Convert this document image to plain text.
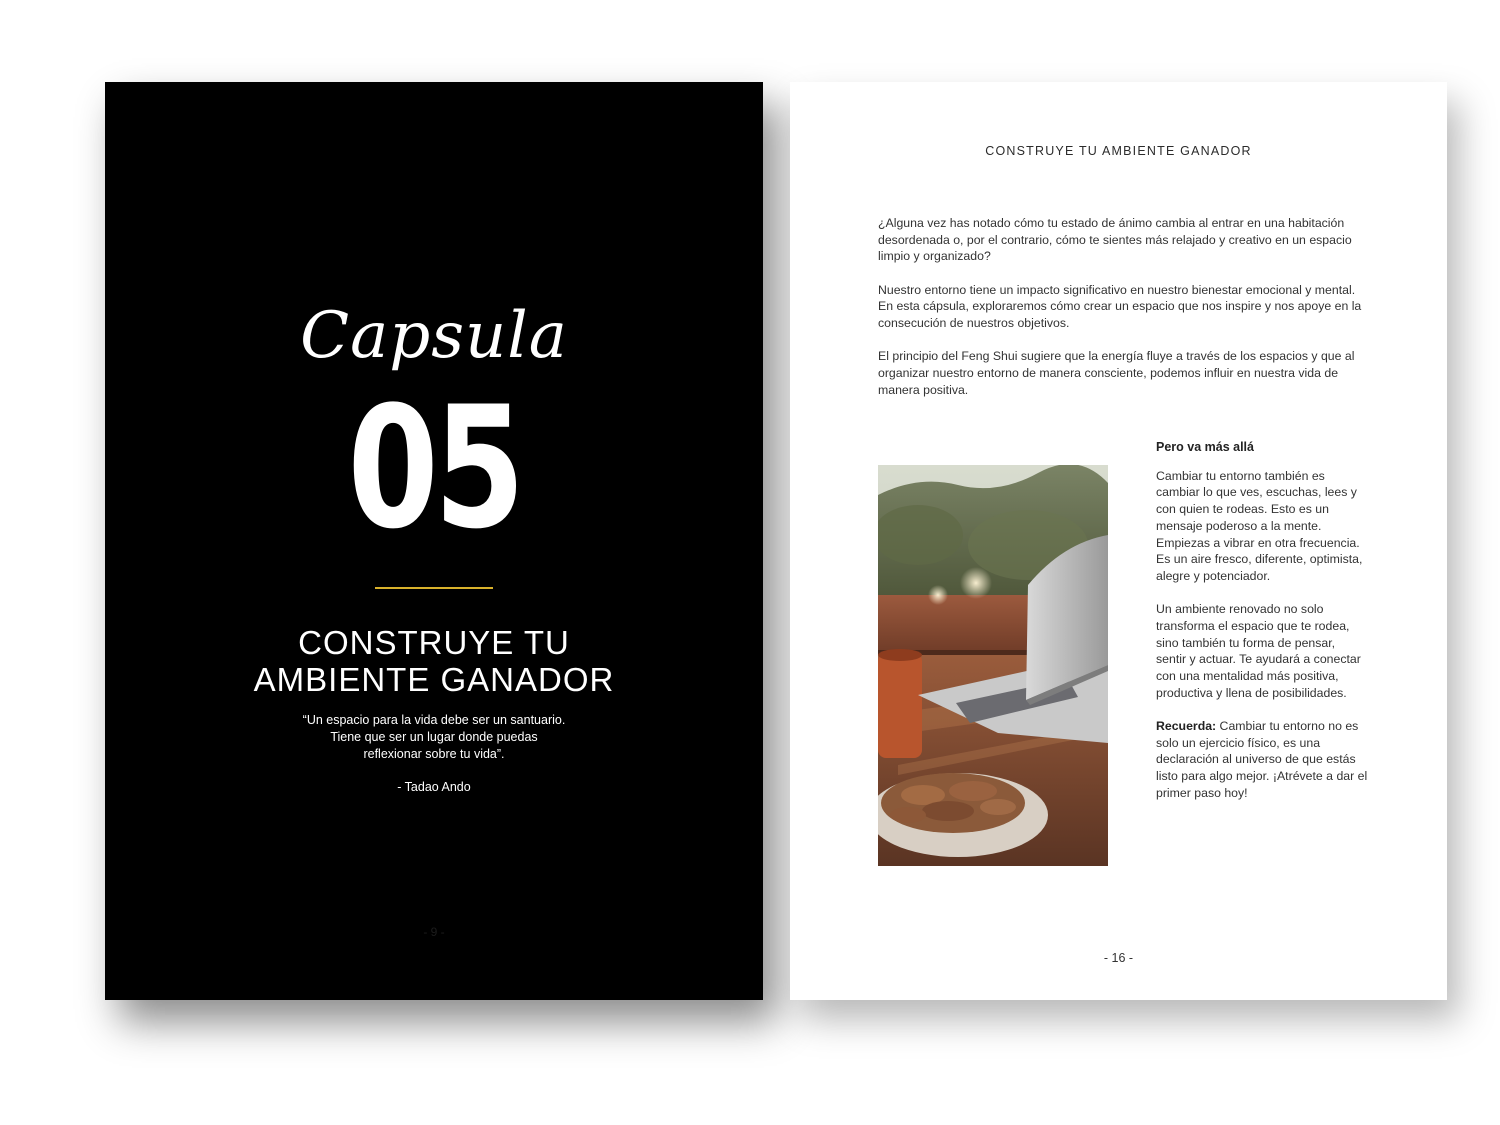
Capsula
05
CONSTRUYE TU
AMBIENTE GANADOR
“Un espacio para la vida debe ser un santuario. Tiene que ser un lugar donde puedas reflexionar sobre tu vida”.
- Tadao Ando
- 9 -
CONSTRUYE TU AMBIENTE GANADOR

¿Alguna vez has notado cómo tu estado de ánimo cambia al entrar en una habitación desordenada o, por el contrario, cómo te sientes más relajado y creativo en un espacio limpio y organizado?

Nuestro entorno tiene un impacto significativo en nuestro bienestar emocional y mental. En esta cápsula, exploraremos cómo crear un espacio que nos inspire y nos apoye en la consecución de nuestros objetivos.

El principio del Feng Shui sugiere que la energía fluye a través de los espacios y que al organizar nuestro entorno de manera consciente, podemos influir en nuestra vida de manera positiva.

Pero va más allá

Cambiar tu entorno también es cambiar lo que ves, escuchas, lees y con quien te rodeas. Esto es un mensaje poderoso a la mente. Empiezas a vibrar en otra frecuencia. Es un aire fresco, diferente, optimista, alegre y potenciador.

Un ambiente renovado no solo transforma el espacio que te rodea, sino también tu forma de pensar, sentir y actuar. Te ayudará a conectar con una mentalidad más positiva, productiva y llena de posibilidades.

Recuerda: Cambiar tu entorno no es solo un ejercicio físico, es una declaración al universo de que estás listo para algo mejor. ¡Atrévete a dar el primer paso hoy!

- 16 -
